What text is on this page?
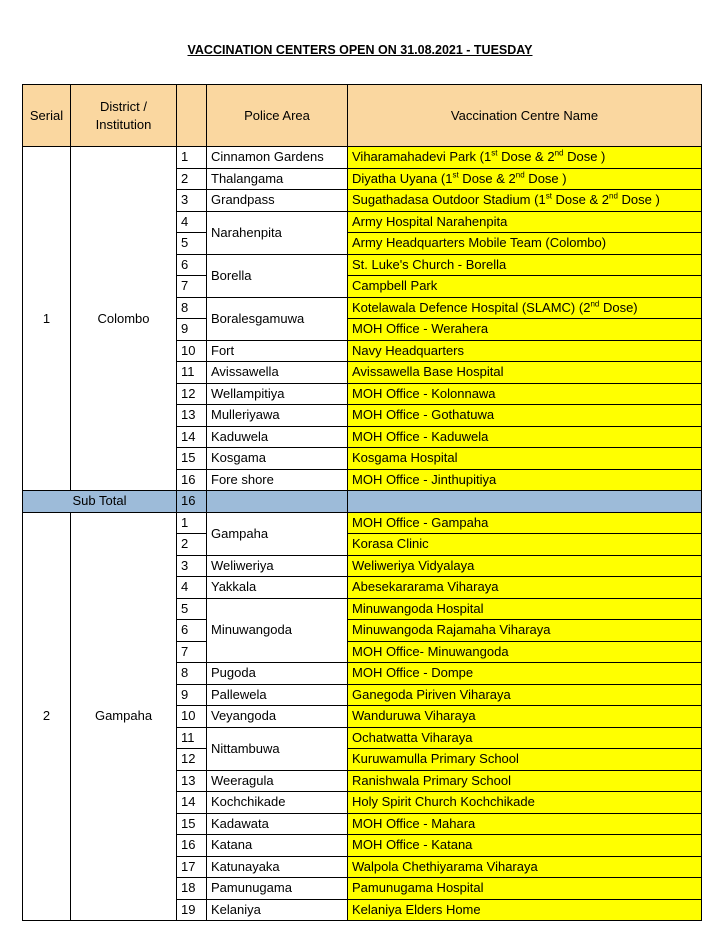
VACCINATION CENTERS OPEN ON 31.08.2021 - TUESDAY
Serial	District / Institution		Police Area	Vaccination Centre Name
1	Colombo	1	Cinnamon Gardens	Viharamahadevi Park (1st Dose & 2nd Dose )
		2	Thalangama	Diyatha Uyana (1st Dose & 2nd Dose )
		3	Grandpass	Sugathadasa Outdoor Stadium (1st Dose & 2nd Dose )
		4	Narahenpita	Army Hospital Narahenpita
		5		Army Headquarters Mobile Team (Colombo)
		6	Borella	St. Luke's Church - Borella
		7		Campbell Park
		8	Boralesgamuwa	Kotelawala Defence Hospital (SLAMC) (2nd Dose)
		9		MOH Office - Werahera
		10	Fort	Navy Headquarters
		11	Avissawella	Avissawella Base Hospital
		12	Wellampitiya	MOH Office - Kolonnawa
		13	Mulleriyawa	MOH Office - Gothatuwa
		14	Kaduwela	MOH Office - Kaduwela
		15	Kosgama	Kosgama Hospital
		16	Fore shore	MOH Office - Jinthupitiya
Sub Total		16		
2	Gampaha	1	Gampaha	MOH Office - Gampaha
		2		Korasa Clinic
		3	Weliweriya	Weliweriya Vidyalaya
		4	Yakkala	Abesekararama Viharaya
		5	Minuwangoda	Minuwangoda Hospital
		6		Minuwangoda Rajamaha Viharaya
		7		MOH Office- Minuwangoda
		8	Pugoda	MOH Office - Dompe
		9	Pallewela	Ganegoda Piriven Viharaya
		10	Veyangoda	Wanduruwa Viharaya
		11	Nittambuwa	Ochatwatta Viharaya
		12		Kuruwamulla Primary School
		13	Weeragula	Ranishwala Primary School
		14	Kochchikade	Holy Spirit Church Kochchikade
		15	Kadawata	MOH Office - Mahara
		16	Katana	MOH Office - Katana
		17	Katunayaka	Walpola Chethiyarama Viharaya
		18	Pamunugama	Pamunugama Hospital
		19	Kelaniya	Kelaniya Elders Home
